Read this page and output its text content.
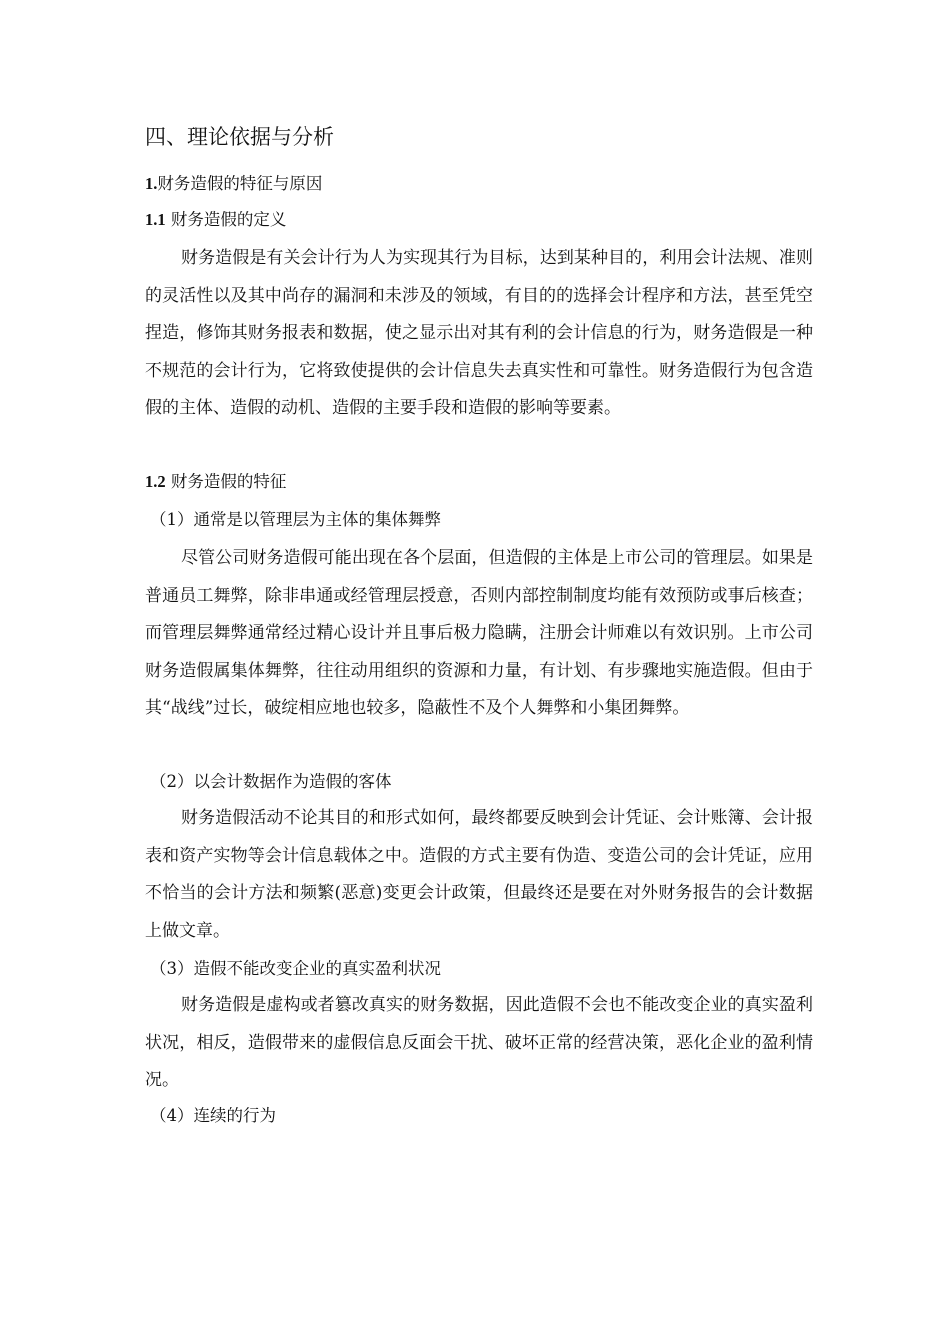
四、理论依据与分析
1.财务造假的特征与原因
1.1 财务造假的定义

财务造假是有关会计行为人为实现其行为目标，达到某种目的，利用会计法规、准则的灵活性以及其中尚存的漏洞和未涉及的领域，有目的的选择会计程序和方法，甚至凭空捏造，修饰其财务报表和数据，使之显示出对其有利的会计信息的行为，财务造假是一种不规范的会计行为，它将致使提供的会计信息失去真实性和可靠性。财务造假行为包含造假的主体、造假的动机、造假的主要手段和造假的影响等要素。

1.2 财务造假的特征
（1）通常是以管理层为主体的集体舞弊

尽管公司财务造假可能出现在各个层面，但造假的主体是上市公司的管理层。如果是普通员工舞弊，除非串通或经管理层授意，否则内部控制制度均能有效预防或事后核查；而管理层舞弊通常经过精心设计并且事后极力隐瞒，注册会计师难以有效识别。上市公司财务造假属集体舞弊，往往动用组织的资源和力量，有计划、有步骤地实施造假。但由于其“战线”过长，破绽相应地也较多，隐蔽性不及个人舞弊和小集团舞弊。

（2）以会计数据作为造假的客体

财务造假活动不论其目的和形式如何，最终都要反映到会计凭证、会计账簿、会计报表和资产实物等会计信息载体之中。造假的方式主要有伪造、变造公司的会计凭证，应用不恰当的会计方法和频繁(恶意)变更会计政策，但最终还是要在对外财务报告的会计数据上做文章。

（3）造假不能改变企业的真实盈利状况

财务造假是虚构或者篡改真实的财务数据，因此造假不会也不能改变企业的真实盈利状况，相反，造假带来的虚假信息反面会干扰、破坏正常的经营决策，恶化企业的盈利情况。

（4）连续的行为
